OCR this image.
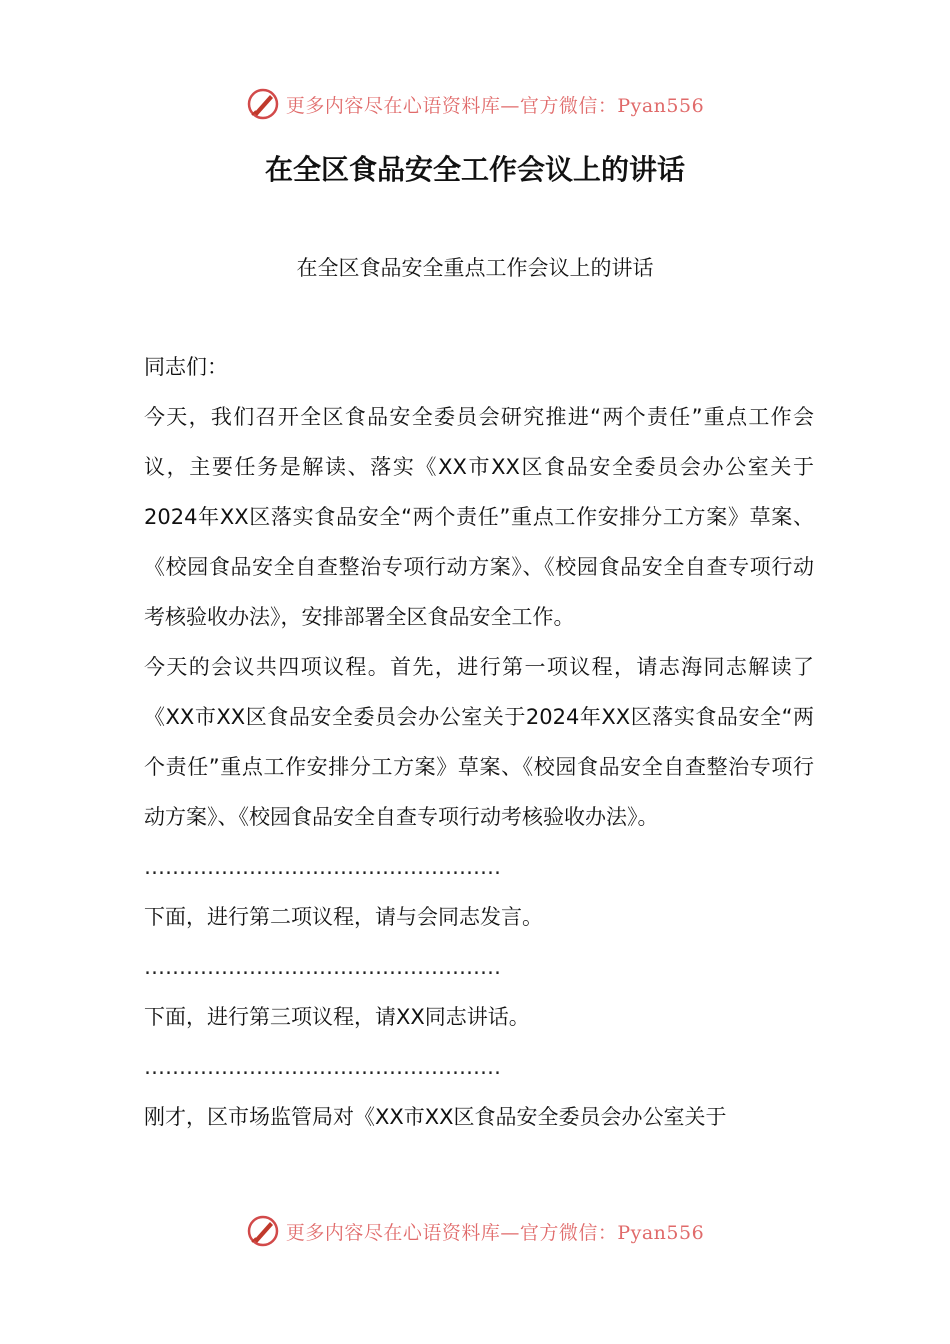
更多内容尽在心语资料库—官方微信：Pyan556
在全区食品安全工作会议上的讲话
在全区食品安全重点工作会议上的讲话

同志们：

今天，我们召开全区食品安全委员会研究推进“两个责任”重点工作会议，主要任务是解读、落实《XX市XX区食品安全委员会办公室关于2024年XX区落实食品安全“两个责任”重点工作安排分工方案》草案、《校园食品安全自查整治专项行动方案》、《校园食品安全自查专项行动考核验收办法》，安排部署全区食品安全工作。

今天的会议共四项议程。首先，进行第一项议程，请志海同志解读了《XX市XX区食品安全委员会办公室关于2024年XX区落实食品安全“两个责任”重点工作安排分工方案》草案、《校园食品安全自查整治专项行动方案》、《校园食品安全自查专项行动考核验收办法》。

……………………………………………

下面，进行第二项议程，请与会同志发言。

……………………………………………

下面，进行第三项议程，请XX同志讲话。

……………………………………………

刚才，区市场监管局对《XX市XX区食品安全委员会办公室关于

更多内容尽在心语资料库—官方微信：Pyan556
